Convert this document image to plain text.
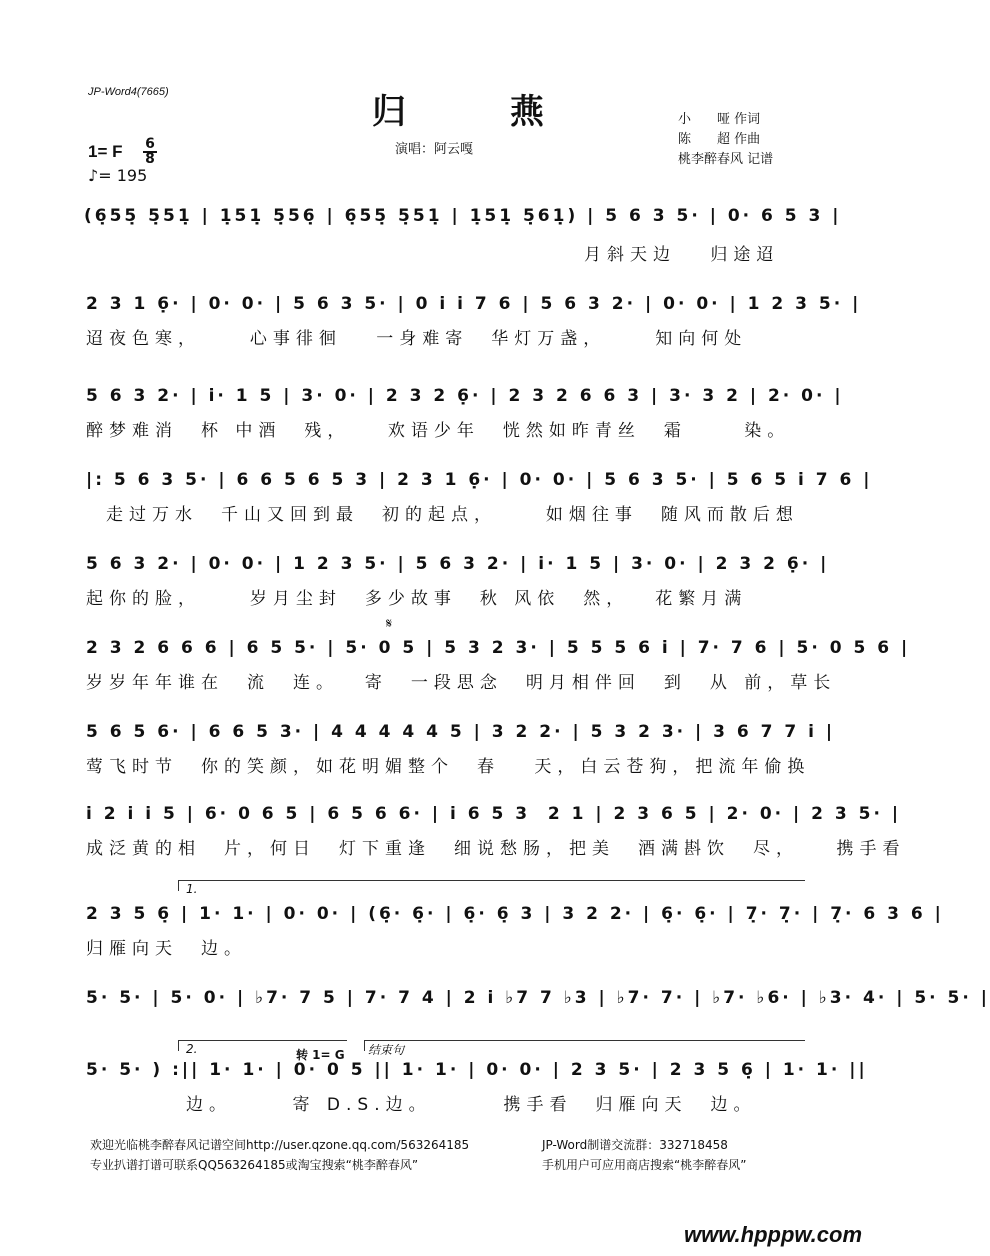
JP-Word4(7665)	归 燕
演唱：阿云嘎
小　　哑 作词
陈　　超 作曲
桃李醉春风 记谱
1= F $\frac{6}{8}$
♪= 195
(6̣55̣ 5̣51̣ | 1̣51̣ 5̣56̣ | 6̣55̣ 5̣51̣ | 1̣51̣ 5̣61̣) | 5 6 3 5· | 0· 6 5 3 |
月斜天边　 归途迢
2 3 1 6̣· | 0· 0· | 5 6 3 5· | 0 i i 7 6 | 5 6 3 2· | 0· 0· | 1 2 3 5· |
迢夜色寒，　　 心事徘徊　 一身难寄　华灯万盏，　　 知向何处
5 6 3 2· | i· 1 5 | 3· 0· | 2 3 2 6̣· | 2 3 2 6 6 3 | 3· 3 2 | 2· 0· |
醉梦难消　杯 中酒　残，　　欢语少年　恍然如昨青丝　霜　　 染。
|: 5 6 3 5· | 6 6 5 6 5 3 | 2 3 1 6̣· | 0· 0· | 5 6 3 5· | 5 6 5 i 7 6 |
走过万水　千山又回到最　初的起点，　　 如烟往事　随风而散后想
5 6 3 2· | 0· 0· | 1 2 3 5· | 5 6 3 2· | i· 1 5 | 3· 0· | 2 3 2 6̣· |
起你的脸，　　 岁月尘封　多少故事　秋 风依　然，　 花繁月满
𝄋
2 3 2 6 6 6 | 6 5 5· | 5· 0 5 | 5 3 2 3· | 5 5 5 6 i | 7· 7 6 | 5· 0 5 6 |
岁岁年年谁在　流　连。　 寄　一段思念　明月相伴回　到　从 前，草长
5 6 5 6· | 6 6 5 3· | 4 4 4 4 4 5 | 3 2 2· | 5 3 2 3· | 3 6 7 7 i |
莺飞时节　你的笑颜，如花明媚整个　春　 天，白云苍狗，把流年偷换
i 2 i i 5 | 6· 0 6 5 | 6 5 6 6· | i 6 5 3  2 1 | 2 3 6 5 | 2· 0· | 2 3 5· |
成泛黄的相　片，何日　灯下重逢　细说愁肠，把美　酒满斟饮　尽，　　携手看
1.
2 3 5 6̣ | 1· 1· | 0· 0· | (6̣· 6̣· | 6̣· 6̣ 3 | 3 2 2· | 6̣· 6̣· | 7̣· 7̣· | 7̣· 6 3 6 |
归雁向天　边。
5· 5· | 5· 0· | ♭7· 7 5 | 7· 7 4 | 2 i ♭7 7 ♭3 | ♭7· 7· | ♭7· ♭6· | ♭3· 4· | 5· 5· |
2.	结束句
转 1= G
5· 5· ) :|| 1· 1· | 0· 0 5 || 1· 1· | 0· 0· | 2 3 5· | 2 3 5 6̣ | 1· 1· ||
边。　　　寄 D.S.边。　　　 携手看　归雁向天　边。
欢迎光临桃李醉春风记谱空间http://user.qzone.qq.com/563264185	JP-Word制谱交流群：332718458
专业扒谱打谱可联系QQ563264185或淘宝搜索“桃李醉春风”	手机用户可应用商店搜索“桃李醉春风”
www.hpppw.com
